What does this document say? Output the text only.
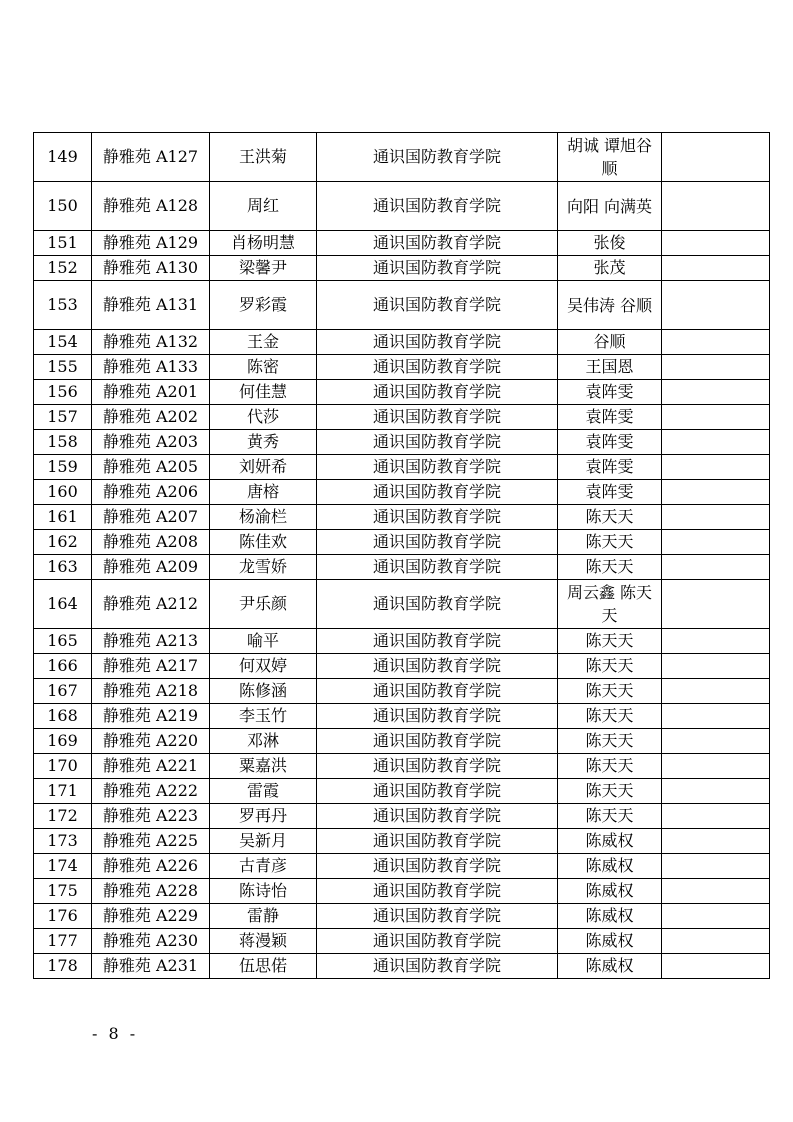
149	静雅苑 A127	王洪菊	通识国防教育学院	胡诚 谭旭谷顺	
150	静雅苑 A128	周红	通识国防教育学院	向阳 向满英	
151	静雅苑 A129	肖杨明慧	通识国防教育学院	张俊	
152	静雅苑 A130	梁馨尹	通识国防教育学院	张茂	
153	静雅苑 A131	罗彩霞	通识国防教育学院	吴伟涛 谷顺	
154	静雅苑 A132	王金	通识国防教育学院	谷顺	
155	静雅苑 A133	陈密	通识国防教育学院	王国恩	
156	静雅苑 A201	何佳慧	通识国防教育学院	袁阵雯	
157	静雅苑 A202	代莎	通识国防教育学院	袁阵雯	
158	静雅苑 A203	黄秀	通识国防教育学院	袁阵雯	
159	静雅苑 A205	刘妍希	通识国防教育学院	袁阵雯	
160	静雅苑 A206	唐榕	通识国防教育学院	袁阵雯	
161	静雅苑 A207	杨渝栏	通识国防教育学院	陈天天	
162	静雅苑 A208	陈佳欢	通识国防教育学院	陈天天	
163	静雅苑 A209	龙雪娇	通识国防教育学院	陈天天	
164	静雅苑 A212	尹乐颜	通识国防教育学院	周云鑫 陈天天	
165	静雅苑 A213	喻平	通识国防教育学院	陈天天	
166	静雅苑 A217	何双婷	通识国防教育学院	陈天天	
167	静雅苑 A218	陈修涵	通识国防教育学院	陈天天	
168	静雅苑 A219	李玉竹	通识国防教育学院	陈天天	
169	静雅苑 A220	邓淋	通识国防教育学院	陈天天	
170	静雅苑 A221	粟嘉洪	通识国防教育学院	陈天天	
171	静雅苑 A222	雷霞	通识国防教育学院	陈天天	
172	静雅苑 A223	罗再丹	通识国防教育学院	陈天天	
173	静雅苑 A225	吴新月	通识国防教育学院	陈威权	
174	静雅苑 A226	古青彦	通识国防教育学院	陈威权	
175	静雅苑 A228	陈诗怡	通识国防教育学院	陈威权	
176	静雅苑 A229	雷静	通识国防教育学院	陈威权	
177	静雅苑 A230	蒋漫颖	通识国防教育学院	陈威权	
178	静雅苑 A231	伍思偌	通识国防教育学院	陈威权	
- 8 -
